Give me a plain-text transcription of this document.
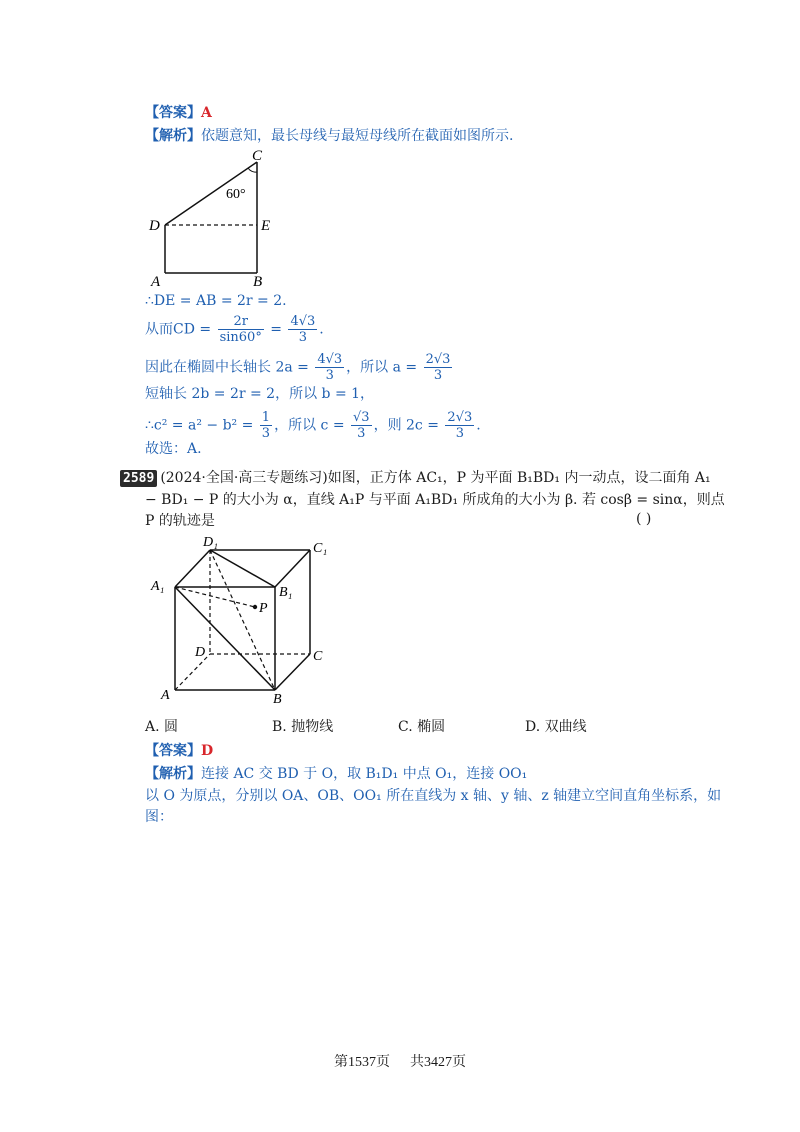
【答案】A
【解析】依题意知，最长母线与最短母线所在截面如图所示.
C
60°
D	E
A	B
∴DE = AB = 2r = 2.
从而CD = $\frac{2r}{\sin 60^\circ} = \frac{4√3}{3}$ .
因此在椭圆中长轴长 $2a = \frac{4√3}{3}$ ，所以 $a = \frac{2√3}{3}$
短轴长 2b = 2r = 2，所以 b = 1，
∴c² = $a^2 - b^2 = \frac{1}{3}$ ，所以 $c = \frac{√3}{3}$ ，则 $2c = \frac{2√3}{3}$ .
故选：A.
2589 (2024·全国·高三专题练习)如图，正方体 AC₁，P 为平面 B₁BD₁ 内一动点，设二面角 A₁
− BD₁ − P 的大小为 α，直线 A₁P 与平面 A₁BD₁ 所成角的大小为 β. 若 cosβ = sinα，则点
P 的轨迹是	( )
D₁	C₁
A₁	B₁
P
D	C
A	B
A. 圆	B. 抛物线	C. 椭圆	D. 双曲线
【答案】D
【解析】连接 AC 交 BD 于 O，取 B₁D₁ 中点 O₁，连接 OO₁
以 O 为原点，分别以 OA、OB、OO₁ 所在直线为 x 轴、y 轴、z 轴建立空间直角坐标系，如
图：
第1537页 共3427页
